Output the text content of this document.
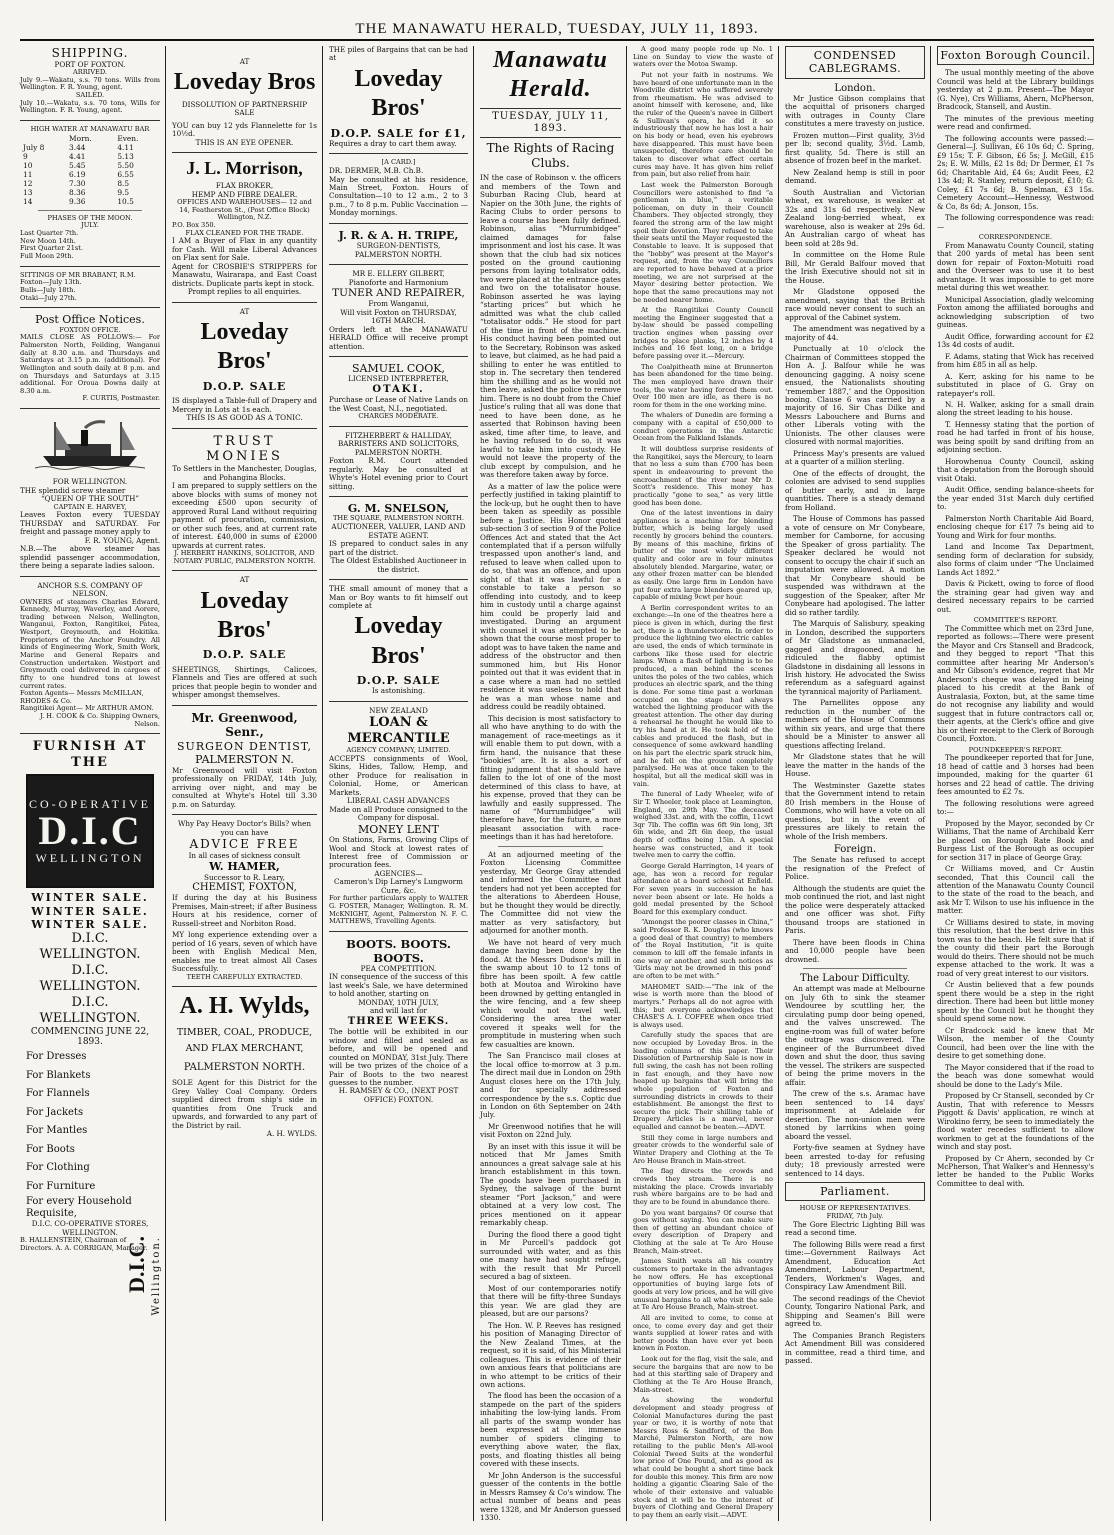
THE MANAWATU HERALD, TUESDAY, JULY 11, 1893.
SHIPPING.
PORT OF FOXTON.
ARRIVED.
July 9.—Wakatu, s.s. 70 tons. Wills from Wellington. F. R. Young, agent.
SAILED.
July 10.—Wakatu, s.s. 70 tons, Wills for Wellington. F. R. Young, agent.
HIGH WATER AT MANAWATU BAR
	Morn.	Even.
July 8	3.44	4.11
9	4.41	5.13
10	5.45	5.50
11	6.19	6.55
12	7.30	8.5
13	8.36	9.5
14	9.36	10.5
PHASES OF THE MOON.
JULY.
Last Quarter 7th.
New Moon 14th.
First Quarter 21st.
Full Moon 29th.
SITTINGS OF MR BRABANT, R.M.
Foxton—July 13th.
Bulls—July 18th.
Otaki—July 27th.
Post Office Notices.
FOXTON OFFICE.
MAILS CLOSE AS FOLLOWS:— For Palmerston North, Feilding, Wanganui daily at 8.30 a.m. and Thursdays and Saturdays at 3.15 p.m. (additional). For Wellington and south daily at 8 p.m. and on Thursdays and Saturdays at 3.15 additional. For Oroua Downs daily at 8.30 a.m.
F. CURTIS, Postmaster.
FOR WELLINGTON.
THE splendid screw steamer
“QUEEN OF THE SOUTH”
CAPTAIN E. HARVEY,
Leaves Foxton every TUESDAY THURSDAY and SATURDAY. For freight and passage money apply to
F. R. YOUNG, Agent.
N.B.—The above steamer has splendid passenger accommodation, there being a separate ladies saloon.
ANCHOR S.S. COMPANY OF NELSON.
OWNERS of steamers Charles Edward, Kennedy, Murray, Waverley, and Aorere, trading between Nelson, Wellington, Wanganui, Foxton, Rangitikei, Patea, Westport, Greymouth, and Hokitika. Proprietors of the Anchor Foundry. All kinds of Engineering Work, Smith Work, Marine and General Repairs and Construction undertaken. Westport and Greymouth coal delivered in cargoes of fifty to one hundred tons at lowest current rates.
Foxton Agents— Messrs McMILLAN, RHODES & Co.
Rangitikei Agent— Mr ARTHUR AMON.
J. H. COOK & Co. Shipping Owners, Nelson.
FURNISH AT THE
CO-OPERATIVE
D.I.C
WELLINGTON
WINTER SALE.
WINTER SALE.
WINTER SALE.
D.I.C. WELLINGTON.
D.I.C. WELLINGTON.
D.I.C. WELLINGTON.
COMMENCING JUNE 22, 1893.
For Dresses
For Blankets
For Flannels
For Jackets
For Mantles
For Boots
For Clothing
For Furniture
For every Household Requisite,
D.I.C. CO-OPERATIVE STORES, WELLINGTON.
B. HALLENSTEIN, Chairman of Directors. A. A. CORRIGAN, Manager.
D.I.C. Wellington.
AT
Loveday Bros
DISSOLUTION OF PARTNERSHIP SALE
YOU can buy 12 yds Flannelette for 1s 10½d.
THIS IS AN EYE OPENER.
J. L. Morrison,
FLAX BROKER,
HEMP AND FIBRE DEALER.
OFFICES AND WAREHOUSES— 12 and 14, Featherston St., (Post Office Block) Wellington, N.Z.
P.O. Box 350.
FLAX CLEANED FOR THE TRADE.
I AM a Buyer of Flax in any quantity for Cash. Will make Liberal Advances on Flax sent for Sale.
Agent for CROSBIE'S STRIPPERS for Manawatu, Wairarapa, and East Coast districts. Duplicate parts kept in stock.
Prompt replies to all enquiries.
AT
Loveday Bros'
D.O.P. SALE
IS displayed a Table-full of Drapery and Mercery in Lots at 1s each.
THIS IS AS GOOD AS A TONIC.
TRUST MONIES
To Settlers in the Manchester, Douglas, and Pohangina Blocks.
I am prepared to supply settlers on the above blocks with sums of money not exceeding £500 upon security of approved Rural Land without requiring payment of procuration, commission, or other such fees, and at current rate of interest. £40,000 in sums of £2000 upwards at current rates.
J. HERBERT HANKINS, SOLICITOR, AND NOTARY PUBLIC, PALMERSTON NORTH.
AT
Loveday Bros'
D.O.P. SALE
SHEETINGS, Shirtings, Calicoes, Flannels and Ties are offered at such prices that people begin to wonder and whisper amongst themselves.
Mr. Greenwood, Senr.,
SURGEON DENTIST,
PALMERSTON N.
Mr Greenwood will visit Foxton professionally on FRIDAY, 14th July, arriving over night, and may be consulted at Whyte's Hotel till 3.30 p.m. on Saturday.
Why Pay Heavy Doctor's Bills? when you can have
ADVICE FREE
In all cases of sickness consult
W. HAMER,
Successor to R. Leary,
CHEMIST, FOXTON,
If during the day at his Business Premises, Main-street; if after Business Hours at his residence, corner of Russell-street and Norbiton Road.
MY long experience extending over a period of 16 years, seven of which have been with English Medical Men, enables me to treat almost All Cases Successfully.
TEETH CAREFULLY EXTRACTED.
A. H. Wylds,
TIMBER, COAL, PRODUCE, AND FLAX MERCHANT,
PALMERSTON NORTH.
SOLE Agent for this District for the Grey Valley Coal Company. Orders supplied direct from ship's side in quantities from One Truck and upwards, and forwarded to any part of the District by rail.
A. H. WYLDS.
THE piles of Bargains that can be had at
Loveday Bros'
D.O.P. SALE for £1,
Requires a dray to cart them away.
[A CARD.]
DR. DERMER, M.B. Ch.B.
May be consulted at his residence, Main Street, Foxton. Hours of Consultation—10 to 12 a.m., 2 to 3 p.m., 7 to 8 p.m. Public Vaccination — Monday mornings.
J. R. & A. H. TRIPE,
SURGEON-DENTISTS,
PALMERSTON NORTH.
MR E. ELLERY GILBERT,
Pianoforte and Harmonium
TUNER AND REPAIRER,
From Wanganui,
Will visit Foxton on THURSDAY, 16TH MARCH.
Orders left at the MANAWATU HERALD Office will receive prompt attention.
SAMUEL COOK,
LICENSED INTERPRETER,
OTAKI.
Purchase or Lease of Native Lands on the West Coast, N.I., negotiated.
CHARGES MODERATE.
FITZHERBERT & HALLIDAY, BARRISTERS AND SOLICITORS,
PALMERSTON NORTH.
Foxton R.M. Court attended regularly. May be consulted at Whyte's Hotel evening prior to Court sitting.
G. M. SNELSON,
THE SQUARE, PALMERSTON NORTH.
AUCTIONEER, VALUER, LAND AND ESTATE AGENT.
IS prepared to conduct sales in any part of the district.
The Oldest Established Auctioneer in the district.
THE small amount of money that a Man or Boy wants to fit himself out complete at
Loveday Bros'
D.O.P. SALE
Is astonishing.
NEW ZEALAND
LOAN & MERCANTILE
AGENCY COMPANY, LIMITED.
ACCEPTS consignments of Wool, Skins, Hides, Tallow, Hemp, and other Produce for realisation in Colonial, Home, or American Markets.
LIBERAL CASH ADVANCES
Made on all Produce consigned to the Company for disposal.
MONEY LENT
On Stations, Farms, Growing Clips of Wool and Stock at lowest rates of Interest free of Commission or procuration fees.
AGENCIES—
Cameron's Dip Larney's Lungworm Cure, &c.
For further particulars apply to WALTER G. FOSTER, Manager, Wellington. R. M. McKNIGHT, Agent, Palmerston N. F. C. MATTHEWS, Travelling Agents.
BOOTS. BOOTS. BOOTS.
PEA COMPETITION.
IN consequence of the success of this last week's Sale, we have determined to hold another, starting on
MONDAY, 10TH JULY,
and will last for
THREE WEEKS.
The bottle will be exhibited in our window and filled and sealed as before, and will be opened and counted on MONDAY, 31st July. There will be two prizes of the choice of a Pair of Boots to the two nearest guesses to the number.
H. RAMSEY & CO., (NEXT POST OFFICE) FOXTON.
Manawatu Herald.
TUESDAY, JULY 11, 1893.
The Rights of Racing Clubs.

IN the case of Robinson v. the officers and members of the Town and Suburban Racing Club, heard at Napier on the 30th June, the rights of Racing Clubs to order persons to leave a course has been fully defined. Robinson, alias “Murrumbidgee” claimed damages for false imprisonment and lost his case. It was shown that the club had six notices posted on the ground cautioning persons from laying totalisator odds, two were placed at the entrance gates and two on the totalisator house. Robinson asserted he was laying “starting prices” but which he admitted was what the club called “totalisator odds.” He stood for part of the time in front of the machine. His conduct having been pointed out to the Secretary, Robinson was asked to leave, but claimed, as he had paid a shilling to enter he was entitled to stop in. The secretary then tendered him the shilling and as he would not then leave, asked the police to remove him. There is no doubt from the Chief Justice's ruling that all was done that need to have been done, as he asserted that Robinson having been asked, time after time, to leave, and he having refused to do so, it was lawful to take him into custody. He would not leave the property of the club except by compulsion, and he was therefore taken away by force.

As a matter of law the police were perfectly justified in taking plaintiff to the lock-up, but he ought then to have been taken as speedily as possible before a Justice. His Honor quoted sub-section 3 of section 9 of the Police Offences Act and stated that the Act contemplated that if a person wilfully trespassed upon another's land, and refused to leave when called upon to do so, that was an offence, and upon sight of that it was lawful for a constable to take a person so offending into custody, and to keep him in custody until a charge against him could be properly laid and investigated. During an argument with counsel it was attempted to be shown that the course most proper to adopt was to have taken the name and address of the obstructor and then summoned him, but His Honor pointed out that it was evident that in a case where a man had no settled residence it was useless to hold that he was a man whose name and address could be readily obtained.

This decision is most satisfactory to all who have anything to do with the management of race-meetings as it will enable them to put down, with a firm hand, the nuisance that these “bookies” are. It is also a sort of fitting judgment that it should have fallen to the lot of one of the most determined of this class to have, at his expense, proved that they can be lawfully and easily suppressed. The name of “Murrumbidgee” will therefore have, for the future, a more pleasant association with race-meetings than it has had heretofore.

At an adjourned meeting of the Foxton Licensing Committee yesterday, Mr George Gray attended and informed the Committee that tenders had not yet been accepted for the alterations to Aberdeen House, but he thought they would be directly. The Committee did not view the matter as very satisfactory, but adjourned for another month.

We have not heard of very much damage having been done by the flood. At the Messrs Dudson's mill in the swamp about 10 to 12 tons of fibre has been spoilt. A few cattle both at Moutoa and Wirokino have been drowned by getting entangled in the wire fencing, and a few sheep which would not travel well. Considering the area the water covered it speaks well for the promptitude in mustering when such few casualties are known.

The San Francisco mail closes at the local office to-morrow at 3 p.m. The direct mail due in London on 29th August closes here on the 17th July, and for specially addressed correspondence by the s.s. Coptic due in London on 6th September on 24th July.

Mr Greenwood notifies that he will visit Foxton on 22nd July.

By an inset with this issue it will be noticed that Mr James Smith announces a great salvage sale at his branch establishment in this town. The goods have been purchased in Sydney, the salvage of the burnt steamer “Port Jackson,” and were obtained at a very low cost. The prices mentioned on it appear remarkably cheap.

During the flood there a good tight in Mr Purcell's paddock got surrounded with water, and as this one many have had sought refuge, with the result that Mr Purcell secured a bag of sixteen.

Most of our contemporaries notify that there will be fifty-three Sundays this year. We are glad they are pleased, but are our parsons?

The Hon. W. P. Reeves has resigned his position of Managing Director of the New Zealand Times, at the request, so it is said, of his Ministerial colleagues. This is evidence of their own anxious fears that politicians are in who attempt to be critics of their own actions.

The flood has been the occasion of a stampede on the part of the spiders inhabiting the low-lying lands. From all parts of the swamp wonder has been expressed at the immense number of spiders clinging to everything above water, the flax, posts, and floating thistles all being covered with these insects.

Mr John Anderson is the successful guesser of the contents in the bottle in Messrs Ramsey & Co's window. The actual number of beans and peas were 1328, and Mr Anderson guessed 1330.

A good many people rode up No. 1 Line on Sunday to view the waste of waters over the Motoa Swamp.

Put not your faith in nostrums. We have heard of one unfortunate man in the Woodville district who suffered severely from rheumatism. He was advised to anoint himself with kerosene, and, like the ruler of the Queen's navee in Gilbert & Sullivan's opera, he did it so industriously that now he has lost a hair on his body or head, even his eyebrows have disappeared. This must have been unsuspected, therefore care should be taken to discover what effect certain cures may have. It has given him relief from pain, but also relief from hair.

Last week the Palmerston Borough Councillors were astonished to find “a gentleman in blue,” a veritable policeman, on duty in their Council Chambers. They objected strongly, they feared the strong arm of the law might spoil their devotion. They refused to take their seats until the Mayor requested the Constable to leave. It is supposed that the “bobby” was present at the Mayor's request, and, from the way Councillors are reported to have behaved at a prior meeting, we are not surprised at the Mayor desiring better protection. We hope that the same precautions may not be needed nearer home.

At the Rangitikei County Council meeting the Engineer suggested that a by-law should be passed compelling traction engines when passing over bridges to place planks, 12 inches by 4 inches and 16 feet long, on a bridge before passing over it.—Mercury.

The Coalpitheath mine at Brunnerton has been abandoned for the time being. The men employed have drawn their tools, the water having forced them out. Over 100 men are idle, as there is no room for them in the one working mine.

The whalers of Dunedin are forming a company with a capital of £50,000 to conduct operations in the Antarctic Ocean from the Falkland Islands.

It will doubtless surprise residents of the Rangitikei, says the Mercury, to learn that no less a sum than £700 has been spent in endeavouring to prevent the encroachment of the river near Mr D. Scott's residence. This money has practically “gone to sea,” as very little good has been done.

One of the latest inventions in dairy appliances is a machine for blending butter, which is being largely used recently by grocers behind the counters. By means of this machine, firkins of butter of the most widely different quality and color are in four minutes absolutely blended. Margarine, water, or any other frozen matter can be blended as easily. One large firm in London have put four extra large blenders geared up, capable of mixing 9cwt per hour.

A Berlin correspondent writes to an exchange:—In one of the theatres here a piece is given in which, during the first act, there is a thunderstorm. In order to produce the lightning two electric cables are used, the ends of which terminate in carbons like those used for electric lamps. When a flash of lightning is to be produced, a man behind the scenes unites the poles of the two cables, which produces an electric spark, and the thing is done. For some time past a workman occupied on the stage had always watched the lightning producer with the greatest attention. The other day during a rehearsal he thought he would like to try his hand at it. He took hold of the cables and produced the flash, but in consequence of some awkward handling on his part the electric spark struck him, and he fell on the ground completely paralysed. He was at once taken to the hospital, but all the medical skill was in vain.

The funeral of Lady Wheeler, wife of Sir T. Wheeler, took place at Leamington, England, on 29th May. The deceased weighed 33st. and, with the coffin, 11cwt 3qr 7lb. The coffin was 6ft 9in long, 3ft 6in wide, and 2ft 6in deep, the usual depth of coffins being 15in. A special hearse was constructed, and it took twelve men to carry the coffin.

George Gerald Harrington, 14 years of age, has won a record for regular attendance at a board school at Enfield. For seven years in succession he has never been absent or late. He holds a gold medal presented by the School Board for this exemplary conduct.

“Amongst the poorer classes in China,” said Professor R. K. Douglas (who knows a good deal of that country) to members of the Royal Institution, “it is quite common to kill off the female infants in one way or another, and such notices as ‘Girls may not be drowned in this pond’ are often to be met with.”

MAHOMET SAID:—“The ink of the wise is worth more than the blood of martyrs.” Perhaps all do not agree with this; but everyone acknowledges that CHASE'S A. I. COFFEE when once tried is always used.

Carefully study the spaces that are now occupied by Loveday Bros. in the leading columns of this paper. Their Dissolution of Partnership Sale is now in full swing, the cash has not been rolling in fast enough, and they have now heaped up bargains that will bring the whole population of Foxton and surrounding districts in crowds to their establishment. Be amongst the first to secure the pick. Their shilling table of Drapery Articles is a marvel, never equalled and cannot be beaten.—ADVT.

Still they come in large numbers and greater crowds to the wonderful sale of Winter Drapery and Clothing at the Te Aro House Branch in Main-street.

The flag directs the crowds and crowds they stream. There is no mistaking the place. Crowds invariably rush where bargains are to be had and they are to be found in abundance there.

Do you want bargains? Of course that goes without saying. You can make sure then of getting an abundant choice of every description of Drapery and Clothing at the sale at Te Aro House Branch, Main-street.

James Smith wants all his country customers to partake in the advantages he now offers. He has exceptional opportunities of buying large lots of goods at very low prices, and he will give unusual bargains to all who visit the sale at Te Aro House Branch, Main-street.

All are invited to come, to come at once, to come every day and get their wants supplied at lower rates and with better goods than have ever yet been known in Foxton.

Look out for the flag, visit the sale, and secure the bargains that are now to be had at this startling sale of Drapery and Clothing at the Te Aro House Branch, Main-street.

As showing the wonderful development and steady progress of Colonial Manufactures during the past year or two, it is worthy of note that Messrs Ross & Sandford, of the Bon Marché, Palmerston North, are now retailing to the public Men's All-wool Colonial Tweed Suits at the wonderful low price of One Pound, and as good as what could be bought a short time back for double this money. This firm are now holding a gigantic Clearing Sale of the whole of their extensive and valuable stock and it will be to the interest of buyers of Clothing and General Drapery to pay them an early visit.—ADVT.

CONDENSED CABLEGRAMS.
London.

Mr Justice Gibson complains that the acquittal of prisoners charged with outrages in County Clare constitutes a mere travesty on justice.

Frozen mutton—First quality, 3½d per lb; second quality, 3½d. Lamb, first quality, 5d. There is still an absence of frozen beef in the market.

New Zealand hemp is still in poor demand.

South Australian and Victorian wheat, ex warehouse, is weaker at 32s and 31s 6d respectively. New Zealand long-berried wheat, ex warehouse, also is weaker at 29s 6d. An Australian cargo of wheat has been sold at 28s 9d.

In committee on the Home Rule Bill, Mr Gerald Balfour moved that the Irish Executive should not sit in the House.

Mr Gladstone opposed the amendment, saying that the British race would never consent to such an approval of the Cabinet system.

The amendment was negatived by a majority of 44.

Punctually at 10 o'clock the Chairman of Committees stopped the Hon A. J. Balfour while he was denouncing gagging. A noisy scene ensued, the Nationalists shouting ‘remember 1887,’ and the Opposition booing. Clause 6 was carried by a majority of 16. Sir Chas Dilke and Messrs Labouchere and Burns and other Liberals voting with the Unionists. The other clauses were closured with normal majorities.

Princess May's presents are valued at a quarter of a million sterling.

One of the effects of drought, the colonies are advised to send supplies of butter early, and in large quantities. There is a steady demand from Holland.

The House of Commons has passed a vote of censure on Mr Conybeare, member for Camborne, for accusing the Speaker of gross partiality. The Speaker declared he would not consent to occupy the chair if such an imputation were allowed. A motion that Mr Conybeare should be suspended was withdrawn at the suggestion of the Speaker, after Mr Conybeare had apologised. The latter did so rather tardily.

The Marquis of Salisbury, speaking in London, described the supporters of Mr Gladstone as unmanacled, gagged and dragooned, and he ridiculed the flabby optimist Gladstone in disdaining all lessons in Irish history. He advocated the Swiss referendum as a safeguard against the tyrannical majority of Parliament.

The Parnellites oppose any reduction in the number of the members of the House of Commons within six years, and urge that there should be a Minister to answer all questions affecting Ireland.

Mr Gladstone states that he will leave the matter in the hands of the House.

The Westminster Gazette states that the Government intend to retain 80 Irish members in the House of Commons, who will have a vote on all questions, but in the event of pressures are likely to retain the whole of the Irish members.

Foreign.

The Senate has refused to accept the resignation of the Prefect of Police.

Although the students are quiet the mob continued the riot, and last night the police were desperately attacked and one officer was shot. Fifty thousand troops are stationed in Paris.

There have been floods in China and 10,000 people have been drowned.

The Labour Difficulty.

An attempt was made at Melbourne on July 6th to sink the steamer Wendouree by scuttling her, the circulating pump door being opened, and the valves unscrewed. The engine-room was full of water before the outrage was discovered. The engineer of the Burrumbeet dived down and shut the door, thus saving the vessel. The strikers are suspected of being the prime movers in the affair.

The crew of the s.s. Aramac have been sentenced to 14 days' imprisonment at Adelaide for desertion. The non-union men were stoned by larrikins when going aboard the vessel.

Forty-five seamen at Sydney have been arrested to-day for refusing duty; 18 previously arrested were sentenced to 14 days.

Parliament.
HOUSE OF REPRESENTATIVES.
FRIDAY, 7th July.

The Gore Electric Lighting Bill was read a second time.

The following Bills were read a first time:—Government Railways Act Amendment, Education Act Amendment, Labour Department, Tenders, Workmen's Wages, and Conspiracy Law Amendment Bill.

The second readings of the Cheviot County, Tongariro National Park, and Shipping and Seamen's Bill were agreed to.

The Companies Branch Registers Act Amendment Bill was considered in committee, read a third time, and passed.

Foxton Borough Council.

The usual monthly meeting of the above Council was held at the Library buildings yesterday at 2 p.m. Present—The Mayor (G. Nye), Crs Williams, Ahern, McPherson, Bradcock, Stansell, and Austin.

The minutes of the previous meeting were read and confirmed.

The following accounts were passed:—General—J. Sullivan, £6 10s 6d; C. Spring, £9 15s; T. F. Gibson, £6 5s; J. McGill, £15 2s; E. W. Mills, £2 1s 8d; Dr Dermer, £1 7s 6d; Charitable Aid, £4 6s; Audit Fees, £2 13s 4d; R. Stanley, return deposit, £10; G. Coley, £1 7s 6d; B. Spelman, £3 15s. Cemetery Account—Hennessy, Westwood & Co, 8s 6d; A. Jonson, 15s.

The following correspondence was read:—

CORRESPONDENCE.

From Manawatu County Council, stating that 200 yards of metal has been sent down for repair of Foxton-Motuiti road and the Overseer was to use it to best advantage. It was impossible to get more metal during this wet weather.

Municipal Association, gladly welcoming Foxton among the affiliated boroughs and acknowledging subscription of two guineas.

Audit Office, forwarding account for £2 13s 4d costs of audit.

F. Adams, stating that Wick has received from him £85 in all as help.

A. Kerr, asking for his name to be substituted in place of G. Gray on ratepayer's roll.

N. H. Walker, asking for a small drain along the street leading to his house.

T. Hennessy stating that the portion of road he had tarfed in front of his house, was being spoilt by sand drifting from an adjoining section.

Horowhenua County Council, asking that a deputation from the Borough should visit Otaki.

Audit Office, sending balance-sheets for the year ended 31st March duly certified to.

Palmerston North Charitable Aid Board, enclosing cheque for £17 7s being aid to Young and Wirk for four months.

Land and Income Tax Department, sending form of declaration for subsidy, also forms of claim under “The Unclaimed Lands Act 1892.”

Davis & Pickett, owing to force of flood the straining gear had given way and desired necessary repairs to be carried out.

COMMITTEE'S REPORT.

The Committee which met on 23rd June, reported as follows:—There were present the Mayor and Crs Stansell and Bradcock, and they begged to report “That this committee after hearing Mr Anderson's and Mr Gibson's evidence, regret that Mr Anderson's cheque was delayed in being placed to his credit at the Bank of Australasia, Foxton, but, at the same time do not recognise any liability and would suggest that in future contractors call or, their agents, at the Clerk's office and give his or their receipt to the Clerk of Borough Council, Foxton.

POUNDKEEPER'S REPORT.

The poundkeeper reported that for June, 18 head of cattle and 3 horses had been impounded, making for the quarter 61 horses and 22 head of cattle. The driving fees amounted to £2 7s.

The following resolutions were agreed to:—

Proposed by the Mayor, seconded by Cr Williams, That the name of Archibald Kerr be placed on Borough Rate Book and Burgess List of the Borough as occupier for section 317 in place of George Gray.

Cr Williams moved, and Cr Austin seconded, That this Council call the attention of the Manawatu County Council to the state of the road to the beach, and ask Mr T. Wilson to use his influence in the matter.

Cr Williams desired to state, in moving this resolution, that the best drive in this town was to the beach. He felt sure that if the county did their part the Borough would do theirs. There should not be much expense attached to the work. It was a road of very great interest to our visitors.

Cr Austin believed that a few pounds spent there would be a step in the right direction. There had been but little money spent by the Council but he thought they should spend some now.

Cr Bradcock said he knew that Mr Wilson, the member of the County Council, had been over the line with the desire to get something done.

The Mayor considered that if the road to the beach was done somewhat would should be done to the Lady's Mile.

Proposed by Cr Stansell, seconded by Cr Austin, That with reference to Messrs Piggott & Davis' application, re winch at Wirokino ferry, be seen to immediately the flood water recedes sufficient to allow workmen to get at the foundations of the winch and stay post.

Proposed by Cr Ahern, seconded by Cr McPherson, That Walker's and Hennessy's letter be handed to the Public Works Committee to deal with.
